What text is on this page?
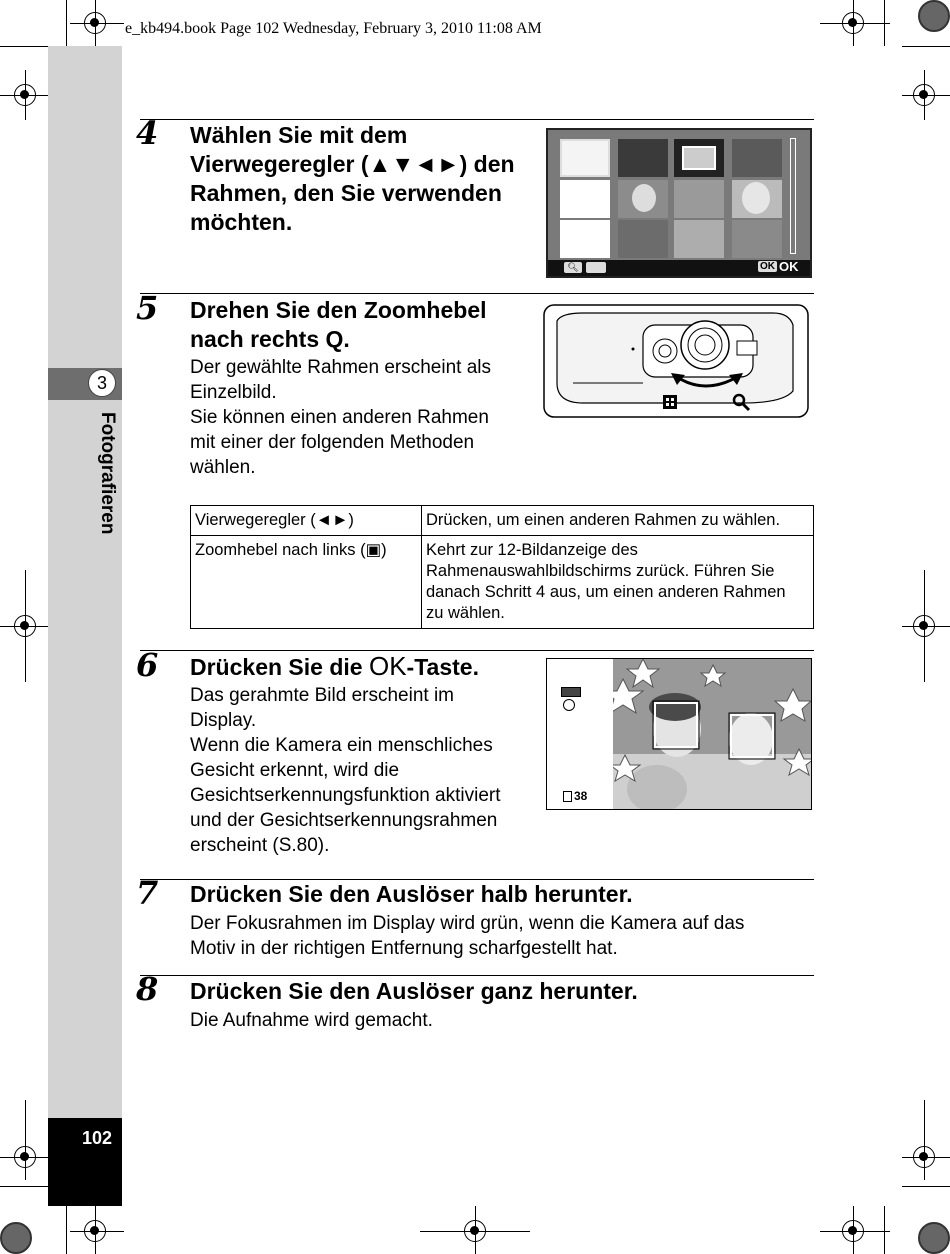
e_kb494.book Page 102 Wednesday, February 3, 2010 11:08 AM
3
Fotografieren
102
4 Wählen Sie mit dem
Vierwegeregler (▲▼◄►) den
Rahmen, den Sie verwenden
möchten.
🔍︎	OK OK
5 Drehen Sie den Zoomhebel
nach rechts Q.
Der gewählte Rahmen erscheint als
Einzelbild.
Sie können einen anderen Rahmen
mit einer der folgenden Methoden
wählen.
Vierwegeregler (◄►)	Drücken, um einen anderen Rahmen zu wählen.
Zoomhebel nach links (▣)	Kehrt zur 12-Bildanzeige des
Rahmenauswahlbildschirms zurück. Führen Sie
danach Schritt 4 aus, um einen anderen Rahmen
zu wählen.
6 Drücken Sie die OK-Taste.
Das gerahmte Bild erscheint im
Display.
Wenn die Kamera ein menschliches
Gesicht erkennt, wird die
Gesichtserkennungsfunktion aktiviert
und der Gesichtserkennungsrahmen
erscheint (S.80).
38
7 Drücken Sie den Auslöser halb herunter.
Der Fokusrahmen im Display wird grün, wenn die Kamera auf das
Motiv in der richtigen Entfernung scharfgestellt hat.
8 Drücken Sie den Auslöser ganz herunter.
Die Aufnahme wird gemacht.
